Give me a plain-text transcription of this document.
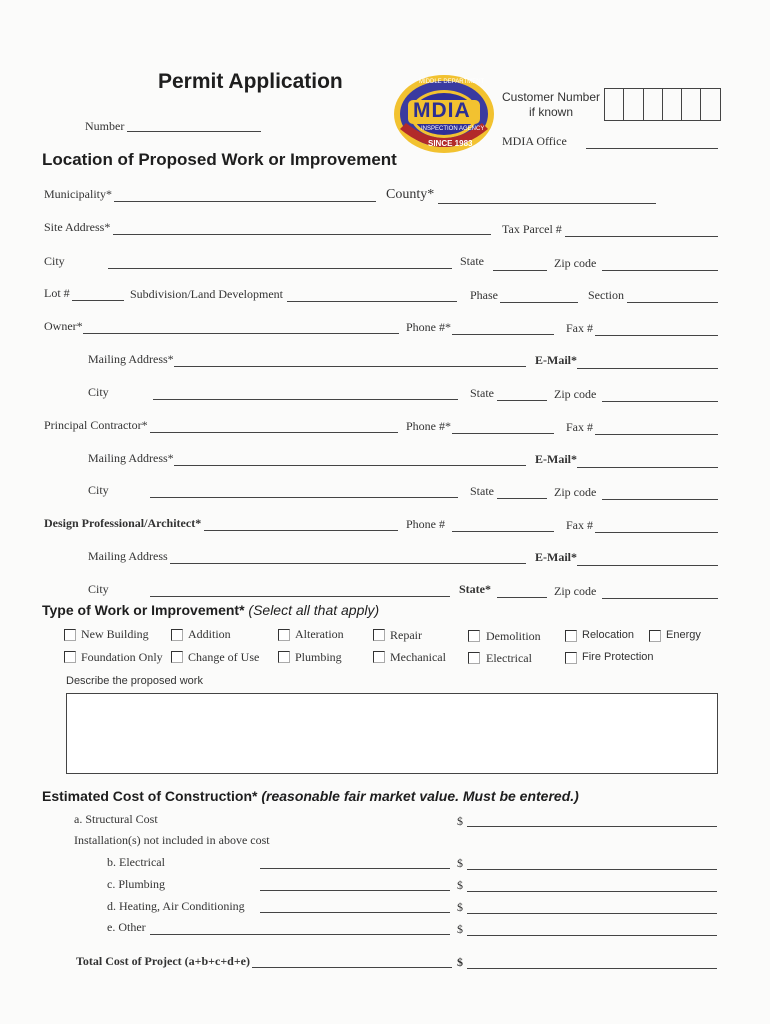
Permit Application
Number
MDIA
MIDDLE DEPARTMENT
INSPECTION AGENCY
SINCE 1983
Customer Number
if known
MDIA Office
Location of Proposed Work or Improvement
Municipality*	County*
Site Address*	Tax Parcel #
City	State	Zip code
Lot #	Subdivision/Land Development	Phase	Section
Owner*	Phone #*	Fax #
Mailing Address*	E-Mail*
City	State	Zip code
Principal Contractor*	Phone #*	Fax #
Mailing Address*	E-Mail*
City	State	Zip code
Design Professional/Architect*	Phone #	Fax #
Mailing Address	E-Mail*
City	State*	Zip code
Type of Work or Improvement* (Select all that apply)
New Building	Addition	Alteration	Repair	Demolition	Relocation	Energy
Foundation Only Change of Use	Plumbing	Mechanical	Electrical	Fire Protection
Describe the proposed work
Estimated Cost of Construction* (reasonable fair market value. Must be entered.)
a. Structural Cost	$
Installation(s) not included in above cost
b. Electrical	$
c. Plumbing	$
d. Heating, Air Conditioning	$
e. Other	$
Total Cost of Project (a+b+c+d+e)	$
